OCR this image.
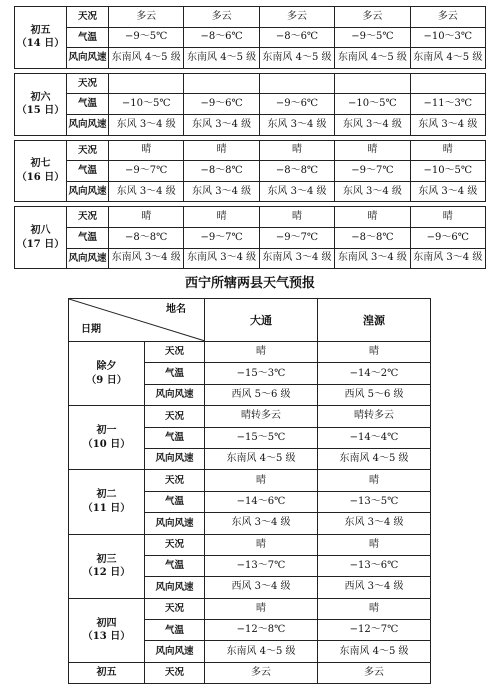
初五
（14 日）	天况	多云	多云	多云	多云	多云
	气温	−9～5℃	−8～6℃	−8～6℃	−9～5℃	−10～3℃
	风向风速	东南风 4～5 级	东南风 4～5 级	东南风 4～5 级	东南风 4～5 级	东南风 4～5 级

初六
（15 日）	天况					
	气温	−10～5℃	−9～6℃	−9～6℃	−10～5℃	−11～3℃
	风向风速	东风 3～4 级	东风 3～4 级	东风 3～4 级	东风 3～4 级	东风 3～4 级

初七
（16 日）	天况	晴	晴	晴	晴	晴
	气温	−9～7℃	−8～8℃	−8～8℃	−9～7℃	−10～5℃
	风向风速	东风 3～4 级	东风 3～4 级	东风 3～4 级	东风 3～4 级	东风 3～4 级

初八
（17 日）	天况	晴	晴	晴	晴	晴
	气温	−8～8℃	−9～7℃	−9～7℃	−8～8℃	−9～6℃
	风向风速	东南风 3～4 级	东南风 3～4 级	东南风 3～4 级	东南风 3～4 级	东南风 3～4 级
西宁所辖两县天气预报
地名
日期		大通	湟源

除夕
（9 日）	天况	晴	晴
	气温	−15～3℃	−14～2℃
	风向风速	西风 5～6 级	西风 5～6 级

初一
（10 日）	天况	晴转多云	晴转多云
	气温	−15～5℃	−14～4℃
	风向风速	东南风 4～5 级	东南风 4～5 级

初二
（11 日）	天况	晴	晴
	气温	−14～6℃	−13～5℃
	风向风速	东风 3～4 级	东风 3～4 级

初三
（12 日）	天况	晴	晴
	气温	−13～7℃	−13～6℃
	风向风速	西风 3～4 级	西风 3～4 级

初四
（13 日）	天况	晴	晴
	气温	−12～8℃	−12～7℃
	风向风速	东南风 4～5 级	东南风 4～5 级
初五	天况	多云	多云
